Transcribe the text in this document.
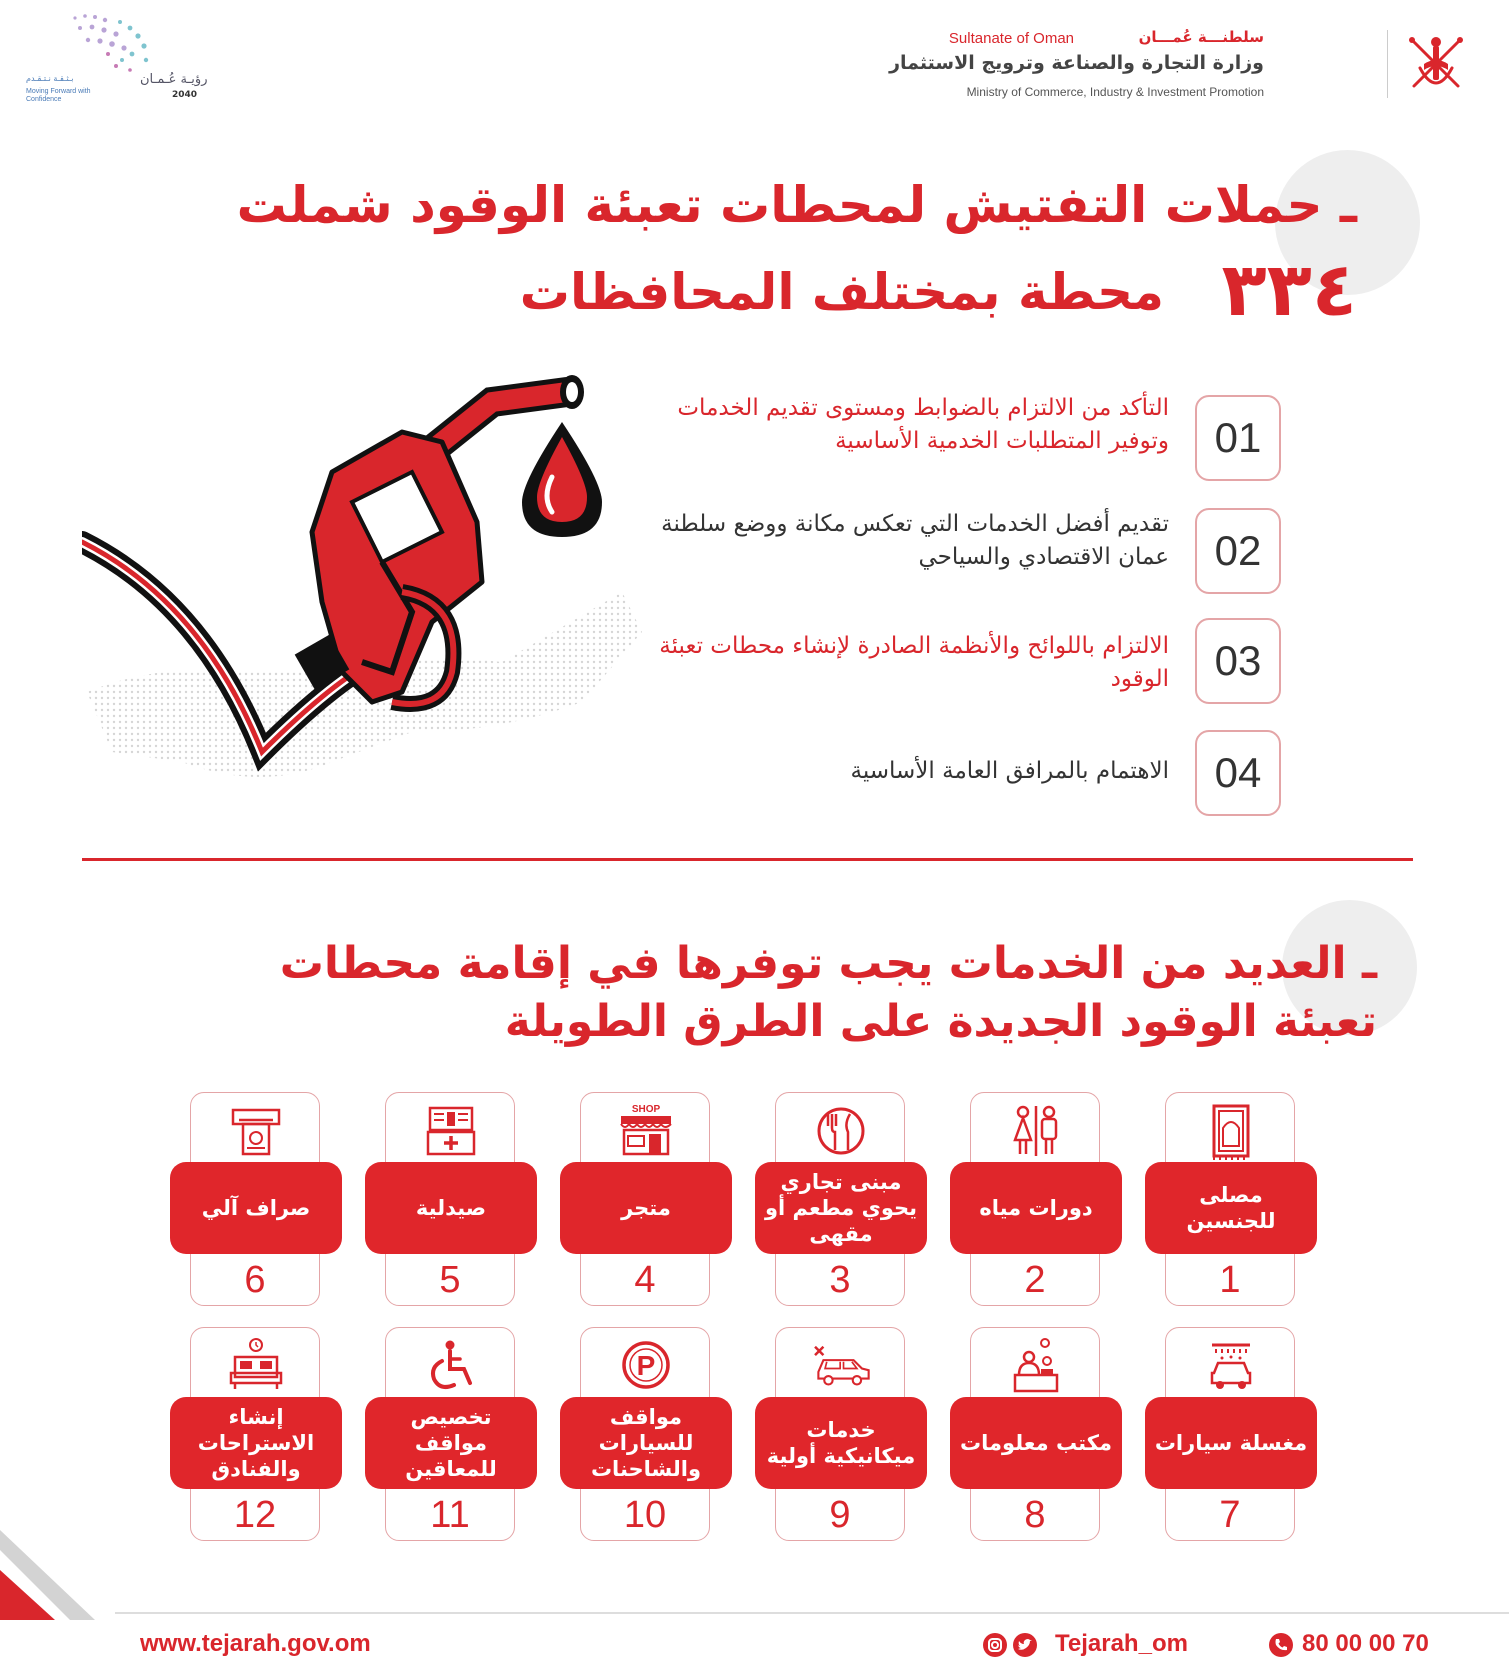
سلطنـــة عُمـــان
Sultanate of Oman
وزارة التجارة والصناعة وترويج الاستثمار
Ministry of Commerce, Industry & Investment Promotion
رؤيـة عُـمـان
2040
بـثـقـة نـتـقـدم
Moving Forward with Confidence
ـ حملات التفتيش لمحطات تعبئة الوقود شملت
٣٣٤
محطة بمختلف المحافظات
01
التأكد من الالتزام بالضوابط ومستوى تقديم الخدمات وتوفير المتطلبات الخدمية الأساسية
02
تقديم أفضل الخدمات التي تعكس مكانة ووضع سلطنة عمان الاقتصادي والسياحي
03
الالتزام باللوائح والأنظمة الصادرة لإنشاء محطات تعبئة الوقود
04
الاهتمام بالمرافق العامة الأساسية
ـ العديد من الخدمات يجب توفرها في إقامة محطات
تعبئة الوقود الجديدة على الطرق الطويلة
مصلى للجنسين
1
دورات مياه
2
مبنى تجاري يحوي مطعم أو مقهى
3
SHOP
متجر
4
صيدلية
5
صراف آلي
6
مغسلة سيارات
7
مكتب معلومات
8
خدمات ميكانيكية أولية
9
P
مواقف للسيارات والشاحنات
10
تخصيص مواقف للمعاقين
11
إنشاء الاستراحات والفنادق
12
www.tejarah.gov.om	Tejarah_om	80 00 00 70
